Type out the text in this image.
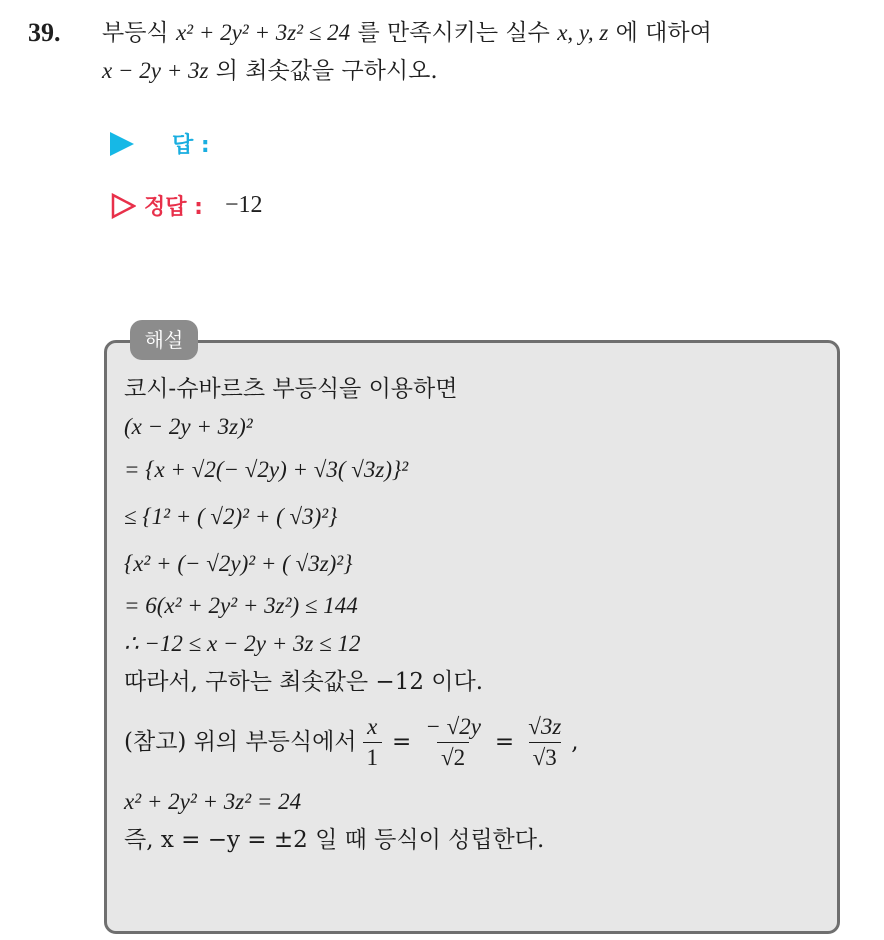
39. 부등식 x² + 2y² + 3z² ≤ 24 를 만족시키는 실수 x, y, z 에 대하여
x − 2y + 3z 의 최솟값을 구하시오.
답 :
정답 : −12
해설
코시-슈바르츠 부등식을 이용하면
(x − 2y + 3z)²
= {x + √2(− √2y) + √3( √3z)}²
≤ {1² + ( √2)² + ( √3)²}
{x² + (− √2y)² + ( √3z)²}
= 6(x² + 2y² + 3z²) ≤ 144
∴ −12 ≤ x − 2y + 3z ≤ 12
따라서, 구하는 최솟값은 −12 이다.
(참고) 위의 부등식에서 $\frac{x}{1} = \frac{- √2y}{√2} = \frac{√3z}{√3}$ ,
x² + 2y² + 3z² = 24
즉, x = −y = ±2 일 때 등식이 성립한다.
